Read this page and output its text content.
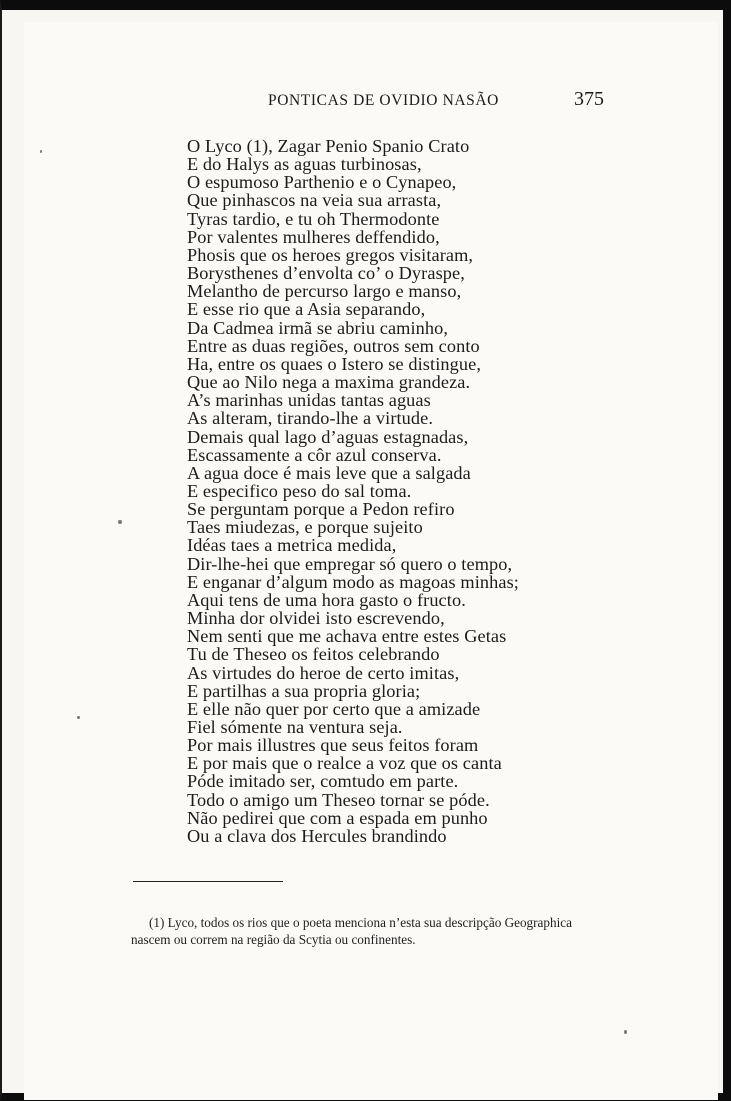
PONTICAS DE OVIDIO NASÃO	375
O Lyco (1), Zagar Penio Spanio Crato
E do Halys as aguas turbinosas,
O espumoso Parthenio e o Cynapeo,
Que pinhascos na veia sua arrasta,
Tyras tardio, e tu oh Thermodonte
Por valentes mulheres deffendido,
Phosis que os heroes gregos visitaram,
Borysthenes d’envolta co’ o Dyraspe,
Melantho de percurso largo e manso,
E esse rio que a Asia separando,
Da Cadmea irmã se abriu caminho,
Entre as duas regiões, outros sem conto
Ha, entre os quaes o Istero se distingue,
Que ao Nilo nega a maxima grandeza.
A’s marinhas unidas tantas aguas
As alteram, tirando-lhe a virtude.
Demais qual lago d’aguas estagnadas,
Escassamente a côr azul conserva.
A agua doce é mais leve que a salgada
E especifico peso do sal toma.
Se perguntam porque a Pedon refiro
Taes miudezas, e porque sujeito
Idéas taes a metrica medida,
Dir-lhe-hei que empregar só quero o tempo,
E enganar d’algum modo as magoas minhas;
Aqui tens de uma hora gasto o fructo.
Minha dor olvidei isto escrevendo,
Nem senti que me achava entre estes Getas
Tu de Theseo os feitos celebrando
As virtudes do heroe de certo imitas,
E partilhas a sua propria gloria;
E elle não quer por certo que a amizade
Fiel sómente na ventura seja.
Por mais illustres que seus feitos foram
E por mais que o realce a voz que os canta
Póde imitado ser, comtudo em parte.
Todo o amigo um Theseo tornar se póde.
Não pedirei que com a espada em punho
Ou a clava dos Hercules brandindo
(1) Lyco, todos os rios que o poeta menciona n’esta sua descripção Geographica nascem ou correm na região da Scytia ou confinentes.
